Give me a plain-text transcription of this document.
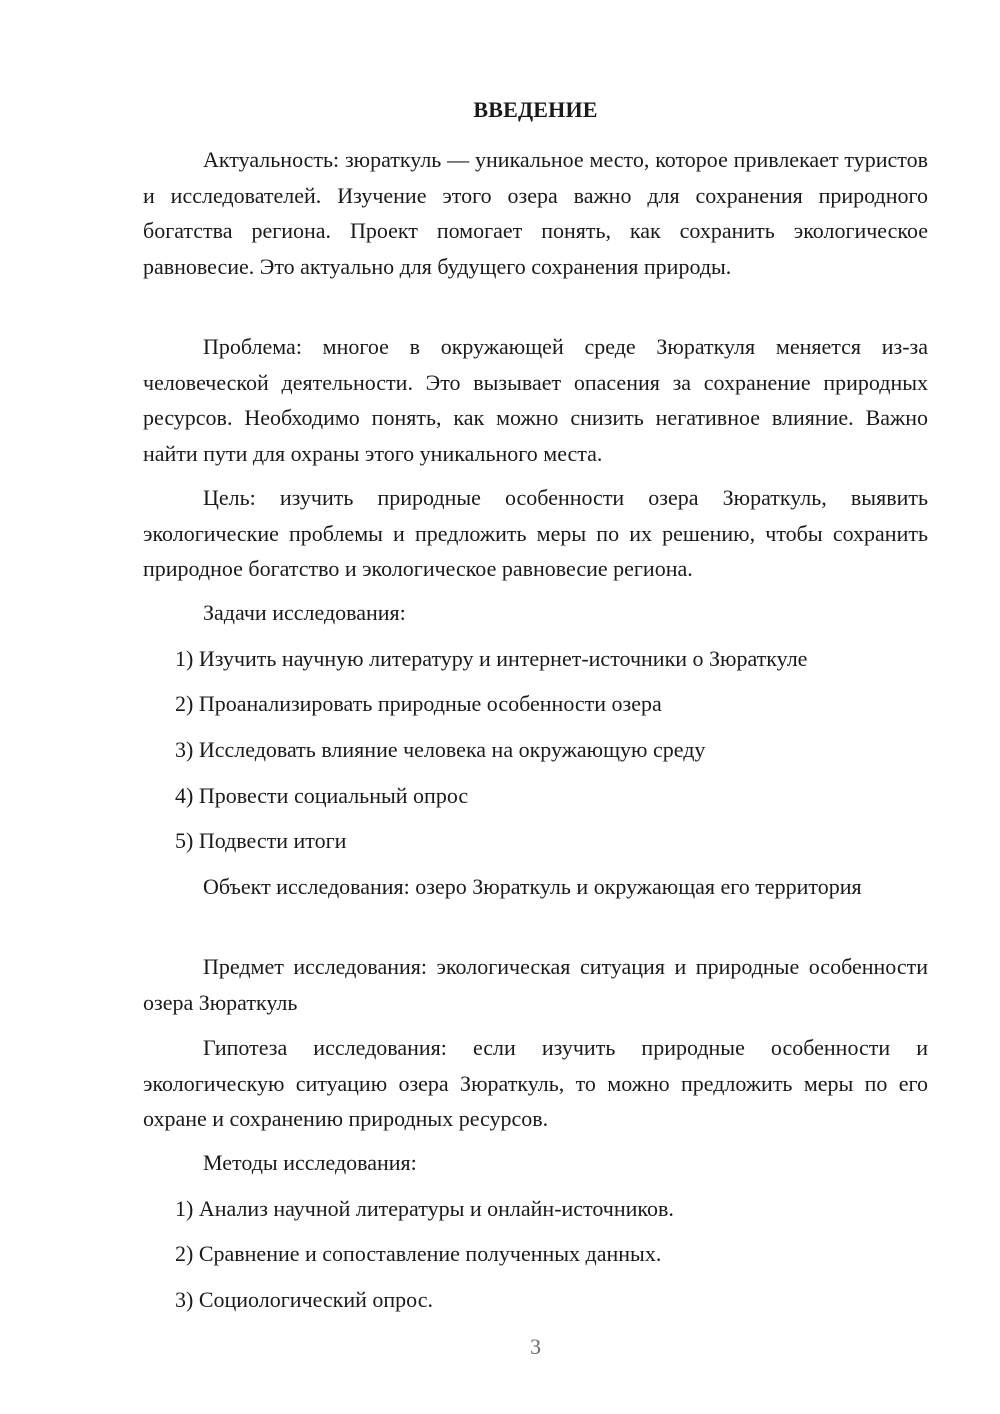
ВВЕДЕНИЕ

Актуальность: зюраткуль — уникальное место, которое привлекает туристов и исследователей. Изучение этого озера важно для сохранения природного богатства региона. Проект помогает понять, как сохранить экологическое равновесие. Это актуально для будущего сохранения природы.

Проблема: многое в окружающей среде Зюраткуля меняется из-за человеческой деятельности. Это вызывает опасения за сохранение природных ресурсов. Необходимо понять, как можно снизить негативное влияние. Важно найти пути для охраны этого уникального места.

Цель: изучить природные особенности озера Зюраткуль, выявить экологические проблемы и предложить меры по их решению, чтобы сохранить природное богатство и экологическое равновесие региона.

Задачи исследования:
1) Изучить научную литературу и интернет-источники о Зюраткуле
2) Проанализировать природные особенности озера
3) Исследовать влияние человека на окружающую среду
4) Провести социальный опрос
5) Подвести итоги

Объект исследования: озеро Зюраткуль и окружающая его территория

Предмет исследования: экологическая ситуация и природные особенности озера Зюраткуль

Гипотеза исследования: если изучить природные особенности и экологическую ситуацию озера Зюраткуль, то можно предложить меры по его охране и сохранению природных ресурсов.

Методы исследования:
1) Анализ научной литературы и онлайн-источников.
2) Сравнение и сопоставление полученных данных.
3) Социологический опрос.
3
